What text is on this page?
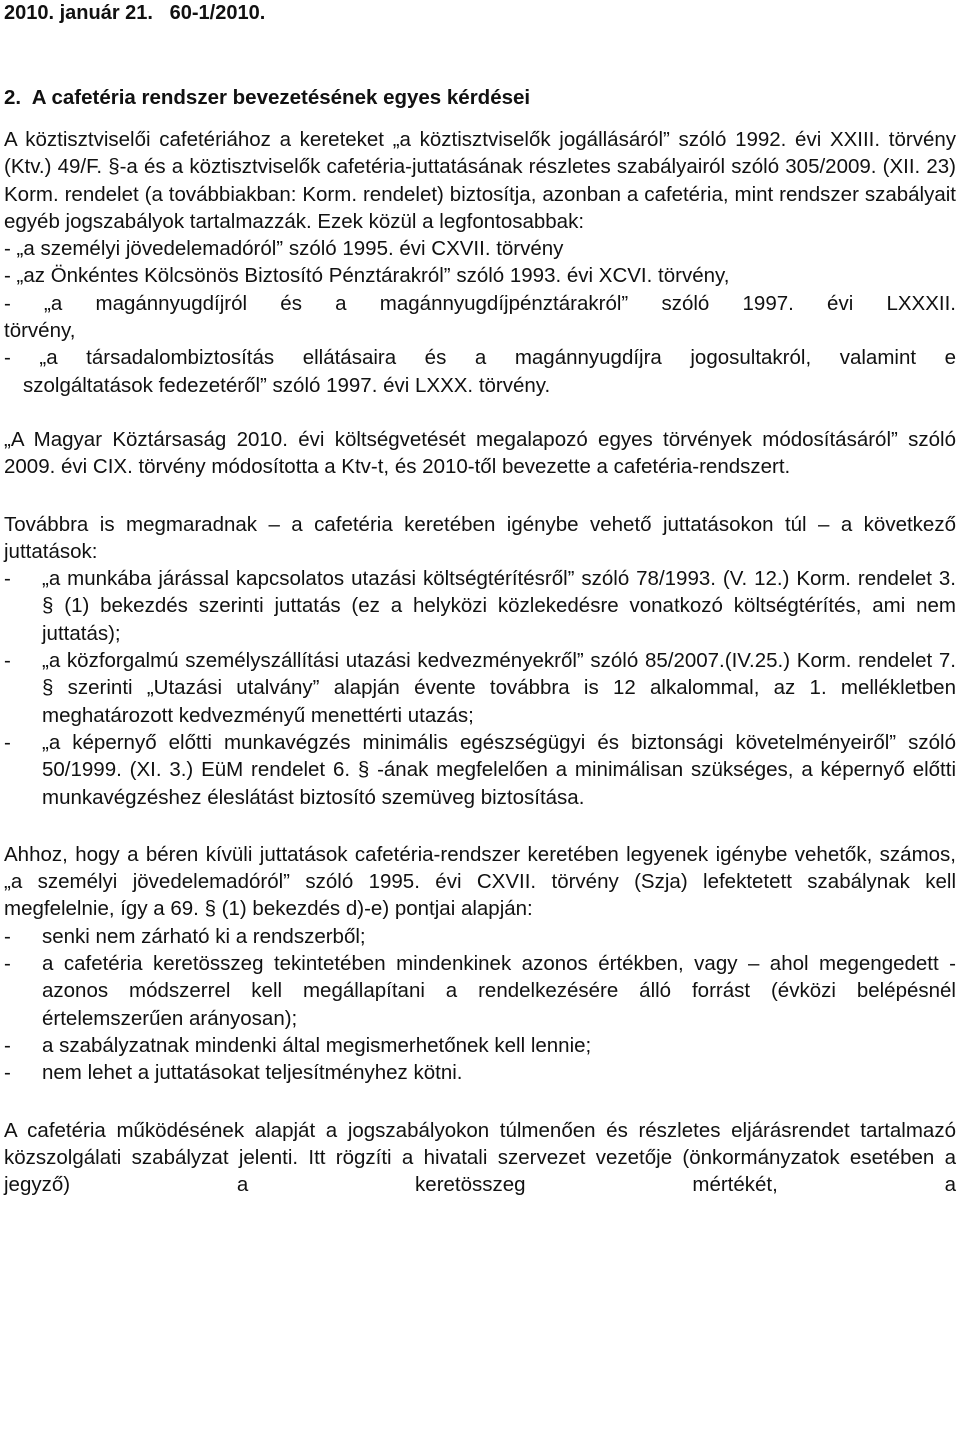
2010. január 21.   60-1/2010.
2.  A cafetéria rendszer bevezetésének egyes kérdései

A köztisztviselői cafetériához a kereteket „a köztisztviselők jogállásáról” szóló 1992. évi XXIII. törvény (Ktv.) 49/F. §-a és a köztisztviselők cafetéria-juttatásának részletes szabályairól szóló 305/2009. (XII. 23) Korm. rendelet (a továbbiakban: Korm. rendelet) biztosítja, azonban a cafetéria, mint rendszer szabályait egyéb jogszabályok tartalmazzák. Ezek közül a legfontosabbak:

- „a személyi jövedelemadóról” szóló 1995. évi CXVII. törvény
- „az Önkéntes Kölcsönös Biztosító Pénztárakról” szóló 1993. évi XCVI. törvény,
- „a magánnyugdíjról és a magánnyugdíjpénztárakról” szóló 1997. évi LXXXII.
törvény,
- „a társadalombiztosítás ellátásaira és a magánnyugdíjra jogosultakról, valamint e
szolgáltatások fedezetéről” szóló 1997. évi LXXX. törvény.

„A Magyar Köztársaság 2010. évi költségvetését megalapozó egyes törvények módosításáról” szóló 2009. évi CIX. törvény módosította a Ktv-t, és 2010-től bevezette a cafetéria-rendszert.

Továbbra is megmaradnak – a cafetéria keretében igénybe vehető juttatásokon túl – a következő juttatások:

- „a munkába járással kapcsolatos utazási költségtérítésről” szóló 78/1993. (V. 12.) Korm. rendelet 3. § (1) bekezdés szerinti juttatás (ez a helyközi közlekedésre vonatkozó költségtérítés, ami nem juttatás);
- „a közforgalmú személyszállítási utazási kedvezményekről” szóló 85/2007.(IV.25.) Korm. rendelet 7. § szerinti „Utazási utalvány” alapján évente továbbra is 12 alkalommal, az 1. mellékletben meghatározott kedvezményű menettérti utazás;
- „a képernyő előtti munkavégzés minimális egészségügyi és biztonsági követelményeiről” szóló 50/1999. (XI. 3.) EüM rendelet 6. § -ának megfelelően a minimálisan szükséges, a képernyő előtti munkavégzéshez éleslátást biztosító szemüveg biztosítása.

Ahhoz, hogy a béren kívüli juttatások cafetéria-rendszer keretében legyenek igénybe vehetők, számos, „a személyi jövedelemadóról” szóló 1995. évi CXVII. törvény (Szja) lefektetett szabálynak kell megfelelnie, így a 69. § (1) bekezdés d)-e) pontjai alapján:

- senki nem zárható ki a rendszerből;
- a cafetéria keretösszeg tekintetében mindenkinek azonos értékben, vagy – ahol megengedett - azonos módszerrel kell megállapítani a rendelkezésére álló forrást (évközi belépésnél értelemszerűen arányosan);
- a szabályzatnak mindenki által megismerhetőnek kell lennie;
- nem lehet a juttatásokat teljesítményhez kötni.

A cafetéria működésének alapját a jogszabályokon túlmenően és részletes eljárásrendet tartalmazó közszolgálati szabályzat jelenti. Itt rögzíti a hivatali szervezet vezetője (önkormányzatok esetében a jegyző) a keretösszeg mértékét, a
